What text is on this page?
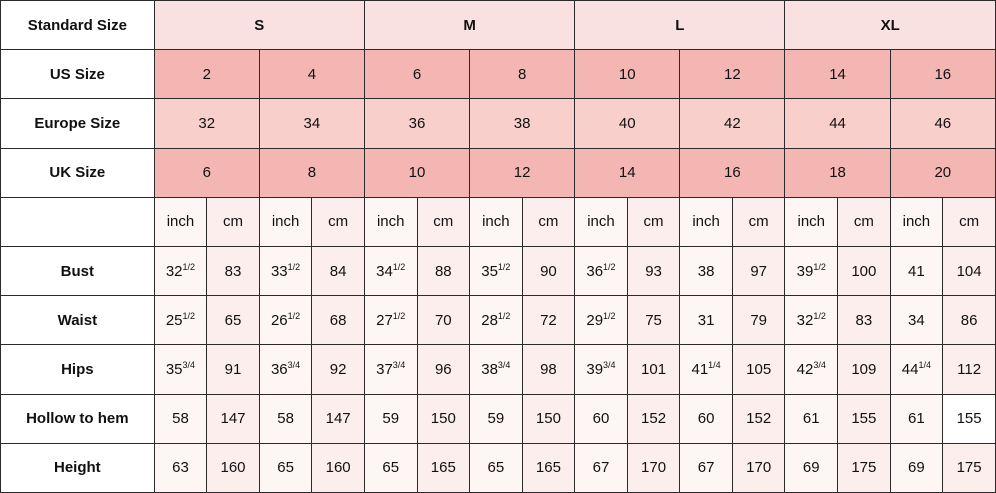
Standard Size	S				M				L				XL			
US Size	2		4		6		8		10		12		14		16	
Europe Size	32		34		36		38		40		42		44		46	
UK Size	6		8		10		12		14		16		18		20	
	inch	cm	inch	cm	inch	cm	inch	cm	inch	cm	inch	cm	inch	cm	inch	cm
Bust	$32^{1/2}$	83	$33^{1/2}$	84	$34^{1/2}$	88	$35^{1/2}$	90	$36^{1/2}$	93	38	97	$39^{1/2}$	100	41	104
Waist	$25^{1/2}$	65	$26^{1/2}$	68	$27^{1/2}$	70	$28^{1/2}$	72	$29^{1/2}$	75	31	79	$32^{1/2}$	83	34	86
Hips	$35^{3/4}$	91	$36^{3/4}$	92	$37^{3/4}$	96	$38^{3/4}$	98	$39^{3/4}$	101	$41^{1/4}$	105	$42^{3/4}$	109	$44^{1/4}$	112
Hollow to hem	58	147	58	147	59	150	59	150	60	152	60	152	61	155	61	155
Height	63	160	65	160	65	165	65	165	67	170	67	170	69	175	69	175
